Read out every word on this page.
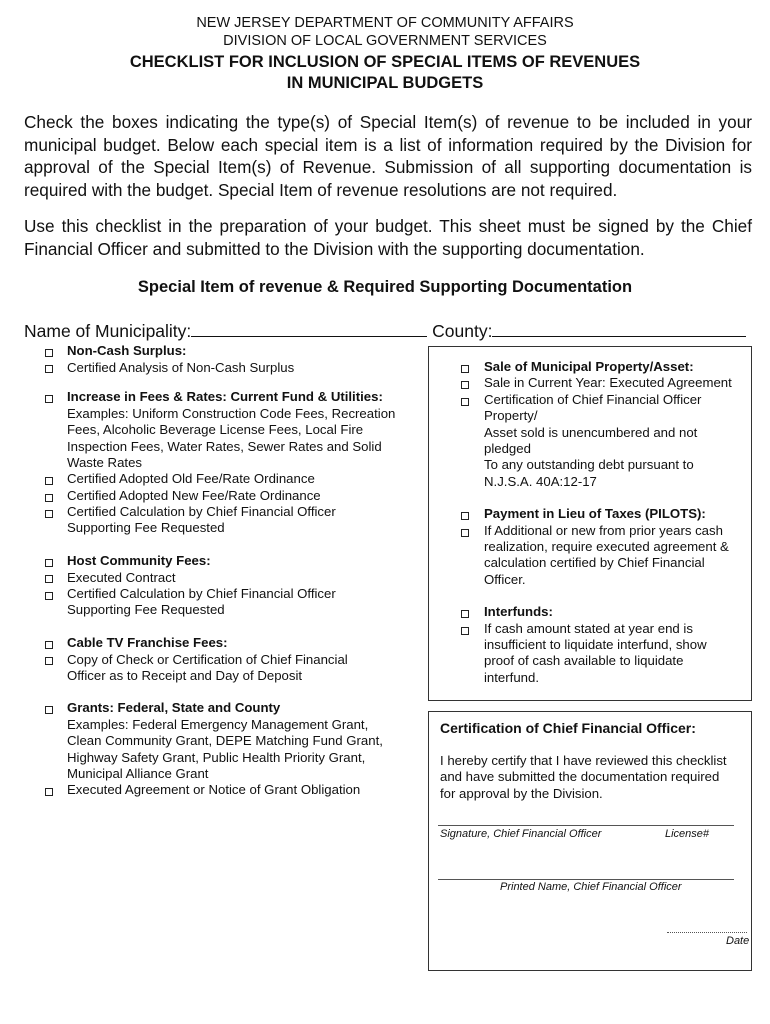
NEW JERSEY DEPARTMENT OF COMMUNITY AFFAIRS
DIVISION OF LOCAL GOVERNMENT SERVICES
CHECKLIST FOR INCLUSION OF SPECIAL ITEMS OF REVENUES
IN MUNICIPAL BUDGETS
Check the boxes indicating the type(s) of Special Item(s) of revenue to be included in your municipal budget. Below each special item is a list of information required by the Division for approval of the Special Item(s) of Revenue. Submission of all supporting documentation is required with the budget. Special Item of revenue resolutions are not required.
Use this checklist in the preparation of your budget. This sheet must be signed by the Chief Financial Officer and submitted to the Division with the supporting documentation.
Special Item of revenue & Required Supporting Documentation
Name of Municipality:	County:
Non-Cash Surplus:
Certified Analysis of Non-Cash Surplus
Increase in Fees & Rates: Current Fund & Utilities:
Examples: Uniform Construction Code Fees, Recreation
Fees, Alcoholic Beverage License Fees, Local Fire
Inspection Fees, Water Rates, Sewer Rates and Solid
Waste Rates
Certified Adopted Old Fee/Rate Ordinance
Certified Adopted New Fee/Rate Ordinance
Certified Calculation by Chief Financial Officer
Supporting Fee Requested
Host Community Fees:
Executed Contract
Certified Calculation by Chief Financial Officer
Supporting Fee Requested
Cable TV Franchise Fees:
Copy of Check or Certification of Chief Financial
Officer as to Receipt and Day of Deposit
Grants: Federal, State and County
Examples: Federal Emergency Management Grant,
Clean Community Grant, DEPE Matching Fund Grant,
Highway Safety Grant, Public Health Priority Grant,
Municipal Alliance Grant
Executed Agreement or Notice of Grant Obligation
Sale of Municipal Property/Asset:
Sale in Current Year: Executed Agreement
Certification of Chief Financial Officer
Property/
Asset sold is unencumbered and not
pledged
To any outstanding debt pursuant to
N.J.S.A. 40A:12-17
Payment in Lieu of Taxes (PILOTS):
If Additional or new from prior years cash
realization, require executed agreement &
calculation certified by Chief Financial
Officer.
Interfunds:
If cash amount stated at year end is
insufficient to liquidate interfund, show
proof of cash available to liquidate
interfund.
Certification of Chief Financial Officer:
I hereby certify that I have reviewed this checklist
and have submitted the documentation required
for approval by the Division.
Signature, Chief Financial Officer	License#
Printed Name, Chief Financial Officer
Date
